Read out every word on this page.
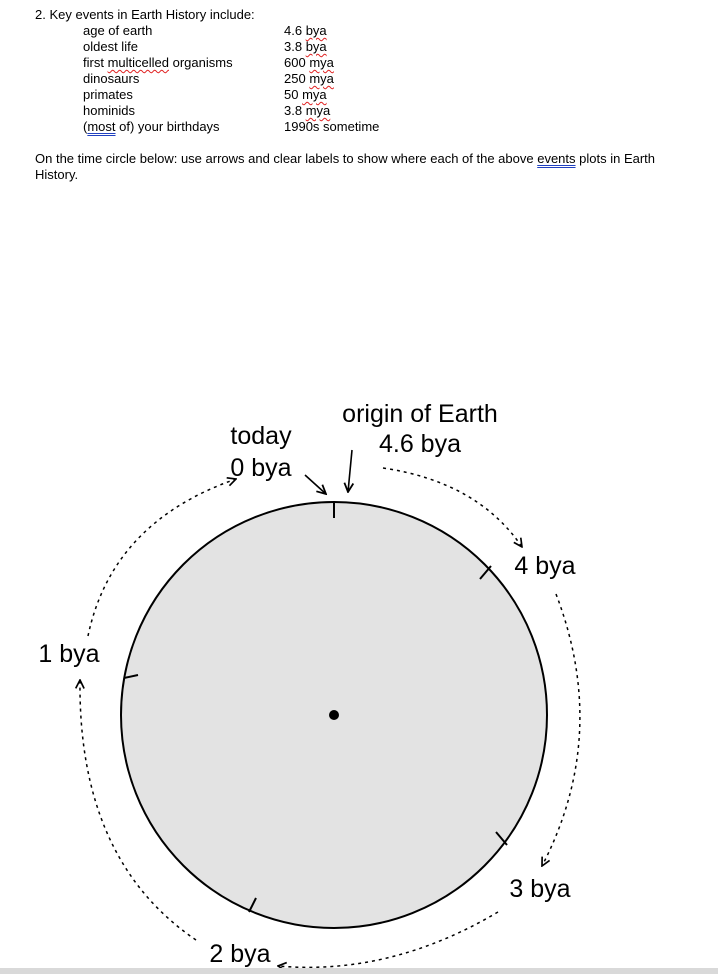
2. Key events in Earth History include:
age of earth	4.6 bya
oldest life	3.8 bya
first multicelled organisms	600 mya
dinosaurs	250 mya
primates	50 mya
hominids	3.8 mya
(most of) your birthdays	1990s sometime
On the time circle below: use arrows and clear labels to show where each of the above events plots in Earth History.
origin of Earth
4.6 bya
today
0 bya
4 bya
3 bya
2 bya
1 bya
